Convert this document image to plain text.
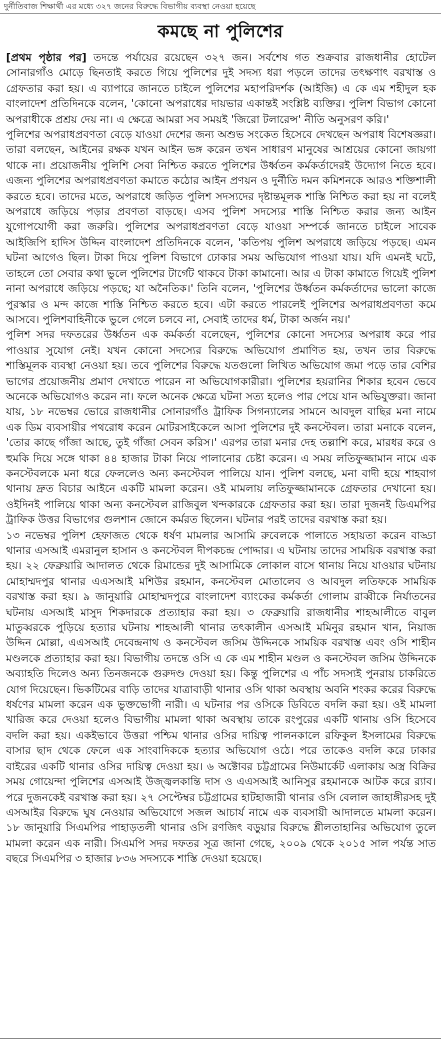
দুর্নীতিবাজ শিক্ষার্থী এর মধ্যে ৩২৭ জনের বিরুদ্ধে বিভাগীয় ব্যবস্থা নেওয়া হয়েছে
কমছে না পুলিশের

[প্রথম পৃষ্ঠার পর] তদন্তে পর্যায়ের রয়েছেন ৩২৭ জন। সর্বশেষ গত শুক্রবার রাজধানীর হোটেল সোনারগাঁও মোড়ে ছিনতাই করতে গিয়ে পুলিশের দুই সদস্য ধরা পড়লে তাদের তৎক্ষণাৎ বরখাস্ত ও গ্রেফতার করা হয়। এ ব্যাপারে জানতে চাইলে পুলিশের মহাপরিদর্শক (আইজি) এ কে এম শহীদুল হক বাংলাদেশ প্রতিদিনকে বলেন, 'কোনো অপরাধের দায়ভার একান্তই সংশ্লিষ্ট ব্যক্তির। পুলিশ বিভাগ কোনো অপরাধীকে প্রশ্রয় দেয় না। এ ক্ষেত্রে আমরা সব সময়ই 'জিরো টলারেন্স' নীতি অনুসরণ করি।'

পুলিশের অপরাধপ্রবণতা বেড়ে যাওয়া দেশের জন্য অশুভ সংকেত হিসেবে দেখছেন অপরাধ বিশেষজ্ঞরা। তারা বলছেন, আইনের রক্ষক যখন আইন ভঙ্গ করেন তখন সাধারণ মানুষের আশ্রয়ের কোনো জায়গা থাকে না। প্রয়োজনীয় পুলিশি সেবা নিশ্চিত করতে পুলিশের উর্ধ্বতন কর্মকর্তাদেরই উদ্যোগ নিতে হবে। এজন্য পুলিশের অপরাধপ্রবণতা কমাতে কঠোর আইন প্রণয়ন ও দুর্নীতি দমন কমিশনকে আরও শক্তিশালী করতে হবে। তাদের মতে, অপরাধে জড়িত পুলিশ সদস্যদের দৃষ্টান্তমূলক শাস্তি নিশ্চিত করা হয় না বলেই অপরাধে জড়িয়ে পড়ার প্রবণতা বাড়ছে। এসব পুলিশ সদস্যের শাস্তি নিশ্চিত করার জন্য আইন যুগোপযোগী করা জরুরি। পুলিশের অপরাধপ্রবণতা বেড়ে যাওয়া সম্পর্কে জানতে চাইলে সাবেক আইজিপি হাদিস উদ্দিন বাংলাদেশ প্রতিদিনকে বলেন, 'কতিপয় পুলিশ অপরাধে জড়িয়ে পড়ছে। এমন ঘটনা আগেও ছিল। টাকা দিয়ে পুলিশ বিভাগে ঢোকার সময় অভিযোগ পাওয়া যায়। যদি এমনই ঘটে, তাহলে তো সেবার কথা ভুলে পুলিশের টার্গেট থাকবে টাকা কামানো। আর এ টাকা কামাতে গিয়েই পুলিশ নানা অপরাধে জড়িয়ে পড়ছে; যা অনৈতিক।' তিনি বলেন, 'পুলিশের উর্ধ্বতন কর্মকর্তাদের ভালো কাজে পুরস্কার ও মন্দ কাজে শাস্তি নিশ্চিত করতে হবে। এটা করতে পারলেই পুলিশের অপরাধপ্রবণতা কমে আসবে। পুলিশবাহিনীকে ভুলে গেলে চলবে না, সেবাই তাদের ধর্ম, টাকা অর্জন নয়।'

পুলিশ সদর দফতরের উর্ধ্বতন এক কর্মকর্তা বলেছেন, পুলিশের কোনো সদস্যের অপরাধ করে পার পাওয়ার সুযোগ নেই। যখন কোনো সদস্যের বিরুদ্ধে অভিযোগ প্রমাণিত হয়, তখন তার বিরুদ্ধে শাস্তিমূলক ব্যবস্থা নেওয়া হয়। তবে পুলিশের বিরুদ্ধে যতগুলো লিখিত অভিযোগ জমা পড়ে তার বেশির ভাগের প্রয়োজনীয় প্রমাণ দেখাতে পারেন না অভিযোগকারীরা। পুলিশের হয়রানির শিকার হবেন ভেবে অনেকে অভিযোগও করেন না। ফলে অনেক ক্ষেত্রে ঘটনা সত্য হলেও পার পেয়ে যান অভিযুক্তরা। জানা যায়, ১৮ নভেম্বর ভোরে রাজধানীর সোনারগাঁও ট্রাফিক সিগন্যালের সামনে আবদুল বাছির মনা নামে এক ডিম ব্যবসায়ীর পথরোধ করেন মোটরসাইকেলে আসা পুলিশের দুই কনস্টেবল। তারা মনাকে বলেন, 'তোর কাছে গাঁজা আছে, তুই গাঁজা সেবন করিস।' এরপর তারা মনার দেহ তল্লাশি করে, মারধর করে ও হুমকি দিয়ে সঙ্গে থাকা ৪৪ হাজার টাকা নিয়ে পালানোর চেষ্টা করেন। এ সময় লতিফুজ্জামান নামে এক কনস্টেবলকে মনা ধরে ফেললেও অন্য কনস্টেবল পালিয়ে যান। পুলিশ বলছে, মনা বাদী হয়ে শাহবাগ থানায় দ্রুত বিচার আইনে একটি মামলা করেন। ওই মামলায় লতিফুজ্জামানকে গ্রেফতার দেখানো হয়। ওইদিনই পালিয়ে থাকা অন্য কনস্টেবল রাজিবুল খন্দকারকে গ্রেফতার করা হয়। তারা দুজনই ডিএমপির ট্রাফিক উত্তর বিভাগের গুলশান জোনে কর্মরত ছিলেন। ঘটনার পরই তাদের বরখাস্ত করা হয়।

১৩ নভেম্বর পুলিশ হেফাজত থেকে ধর্ষণ মামলার আসামি রুবেলকে পালাতে সহায়তা করেন বাড্ডা থানার এসআই এমরানুল হাসান ও কনস্টেবল দীপকচন্দ্র পোদ্দার। এ ঘটনায় তাদের সাময়িক বরখাস্ত করা হয়। ২২ ফেব্রুয়ারি আদালত থেকে রিমান্ডের দুই আসামিকে লোকাল বাসে থানায় নিয়ে যাওয়ার ঘটনায় মোহাম্মদপুর থানার এএসআই মশিউর রহমান, কনস্টেবল মোতালেব ও আবদুল লতিফকে সাময়িক বরখাস্ত করা হয়। ৯ জানুয়ারি মোহাম্মদপুরে বাংলাদেশ ব্যাংকের কর্মকর্তা গোলাম রাব্বীকে নির্যাতনের ঘটনায় এসআই মাসুদ শিকদারকে প্রত্যাহার করা হয়। ৩ ফেব্রুয়ারি রাজধানীর শাহআলীতে বাবুল মাতুব্বরকে পুড়িয়ে হত্যার ঘটনায় শাহআলী থানার তৎকালীন এসআই মমিনুর রহমান খান, নিয়াজ উদ্দিন মোল্লা, এএসআই দেবেন্দ্রনাথ ও কনস্টেবল জসিম উদ্দিনকে সাময়িক বরখাস্ত এবং ওসি শাহীন মণ্ডলকে প্রত্যাহার করা হয়। বিভাগীয় তদন্তে ওসি এ কে এম শাহীন মণ্ডল ও কনস্টেবল জসিম উদ্দিনকে অব্যাহতি দিলেও অন্য তিনজনকে গুরুদণ্ড দেওয়া হয়। কিন্তু পুলিশের এ পাঁচ সদস্যই পুনরায় চাকরিতে যোগ দিয়েছেন। ভিকটিমের বাড়ি তাদের যাত্রাবাড়ী থানার ওসি থাকা অবস্থায় অবনি শংকর করের বিরুদ্ধে ধর্ষণের মামলা করেন এক ভুক্তভোগী নারী। এ ঘটনার পর ওসিকে ডিবিতে বদলি করা হয়। ওই মামলা খারিজ করে দেওয়া হলেও বিভাগীয় মামলা থাকা অবস্থায় তাকে রংপুরের একটি থানায় ওসি হিসেবে বদলি করা হয়। একইভাবে উত্তরা পশ্চিম থানার ওসির দায়িত্ব পালনকালে রফিকুল ইসলামের বিরুদ্ধে বাসার ছাদ থেকে ফেলে এক সাংবাদিককে হত্যার অভিযোগ ওঠে। পরে তাকেও বদলি করে ঢাকার বাইরের একটি থানার ওসির দায়িত্ব দেওয়া হয়। ৬ অক্টোবর চট্টগ্রামের নিউমার্কেট এলাকায় অস্ত্র বিক্রির সময় গোয়েন্দা পুলিশের এসআই উজ্জ্বলকান্তি দাস ও এএসআই আনিসুর রহমানকে আটক করে র‍্যাব। পরে দুজনকেই বরখাস্ত করা হয়। ২৭ সেপ্টেম্বর চট্টগ্রামের হাটহাজারী থানার ওসি বেলাল জাহাঙ্গীরসহ দুই এসআইর বিরুদ্ধে ঘুষ নেওয়ার অভিযোগে সজল আচার্য নামে এক ব্যবসায়ী আদালতে মামলা করেন। ১৮ জানুয়ারি সিএমপির পাহাড়তলী থানার ওসি রণজিৎ বড়ুয়ার বিরুদ্ধে শ্লীলতাহানির অভিযোগ তুলে মামলা করেন এক নারী। সিএমপি সদর দফতর সূত্র জানা গেছে, ২০০৯ থেকে ২০১৫ সাল পর্যন্ত সাত বছরে সিএমপির ৩ হাজার ৮৩৬ সদস্যকে শাস্তি দেওয়া হয়েছে।
